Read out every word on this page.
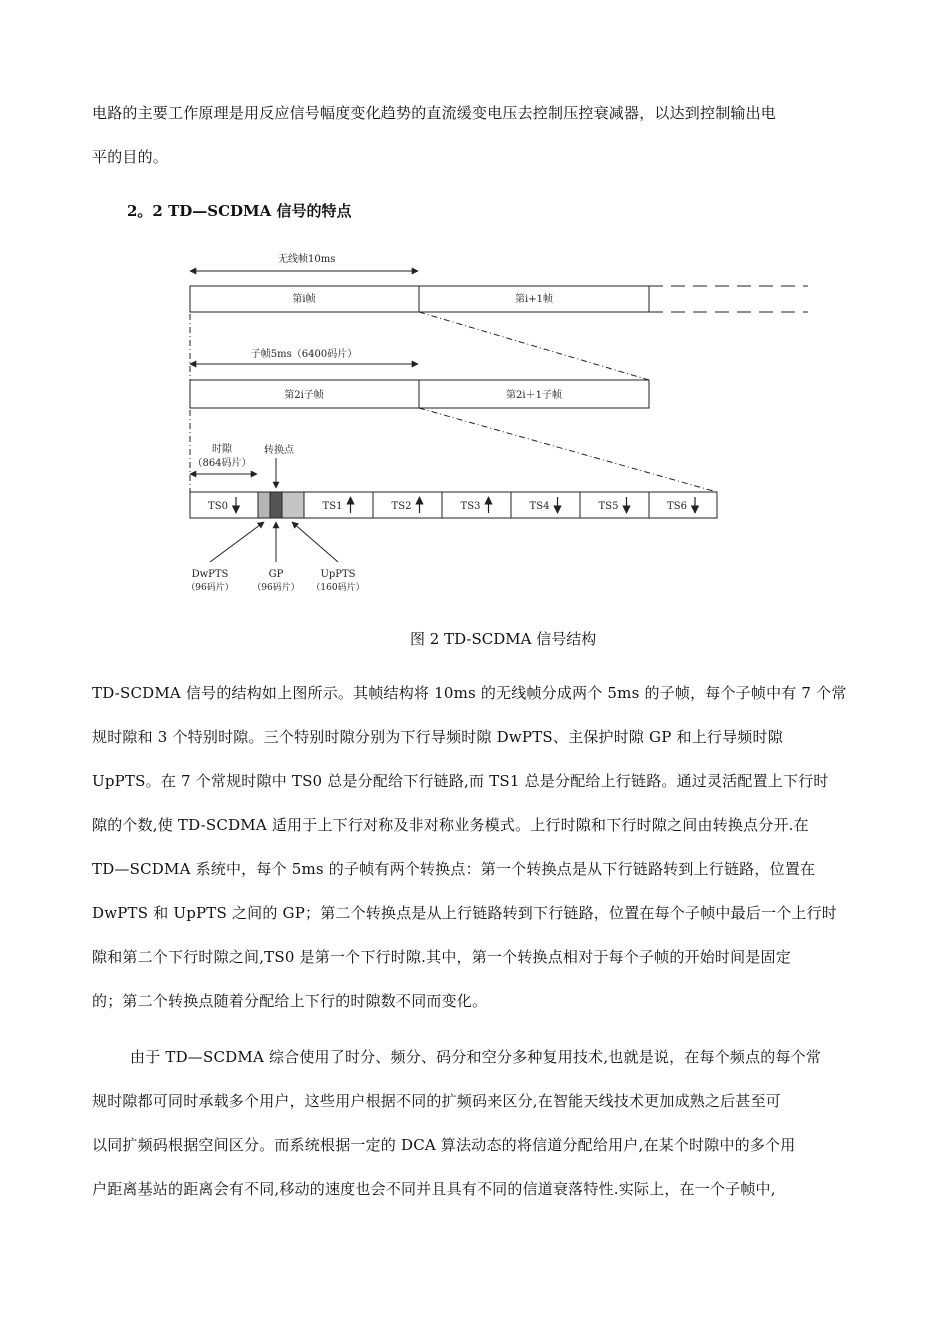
电路的主要工作原理是用反应信号幅度变化趋势的直流缓变电压去控制压控衰减器，以达到控制输出电
平的目的。
2。2 TD—SCDMA 信号的特点
无线帧10ms
第i帧	第i+1帧
子帧5ms（6400码片）
第2i子帧	第2i＋1子帧
时隙
（864码片）
转换点
TS0	TS1	TS2	TS3	TS4	TS5	TS6
DwPTS
（96码片）
GP
（96码片）
UpPTS
（160码片）
图 2 TD-SCDMA 信号结构
TD-SCDMA 信号的结构如上图所示。其帧结构将 10ms 的无线帧分成两个 5ms 的子帧，每个子帧中有 7 个常
规时隙和 3 个特别时隙。三个特别时隙分别为下行导频时隙 DwPTS、主保护时隙 GP 和上行导频时隙
UpPTS。在 7 个常规时隙中 TS0 总是分配给下行链路,而 TS1 总是分配给上行链路。通过灵活配置上下行时
隙的个数,使 TD-SCDMA 适用于上下行对称及非对称业务模式。上行时隙和下行时隙之间由转换点分开.在
TD—SCDMA 系统中，每个 5ms 的子帧有两个转换点：第一个转换点是从下行链路转到上行链路，位置在
DwPTS 和 UpPTS 之间的 GP；第二个转换点是从上行链路转到下行链路，位置在每个子帧中最后一个上行时
隙和第二个下行时隙之间,TS0 是第一个下行时隙.其中，第一个转换点相对于每个子帧的开始时间是固定
的；第二个转换点随着分配给上下行的时隙数不同而变化。
由于 TD—SCDMA 综合使用了时分、频分、码分和空分多种复用技术,也就是说，在每个频点的每个常
规时隙都可同时承载多个用户，这些用户根据不同的扩频码来区分,在智能天线技术更加成熟之后甚至可
以同扩频码根据空间区分。而系统根据一定的 DCA 算法动态的将信道分配给用户,在某个时隙中的多个用
户距离基站的距离会有不同,移动的速度也会不同并且具有不同的信道衰落特性.实际上，在一个子帧中,
